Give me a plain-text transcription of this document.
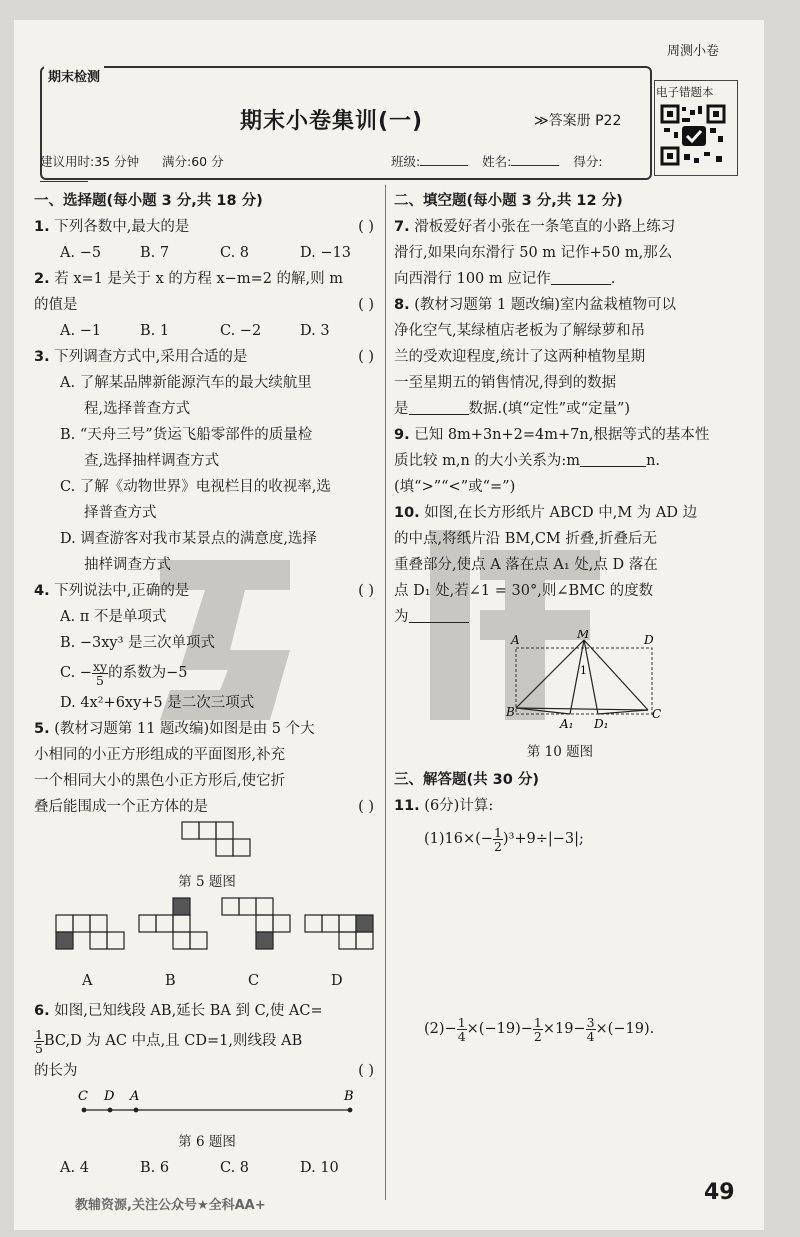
周测小卷
期末检测
期末小卷集训(一)	≫答案册 P22
建议用时:35 分钟 满分:60 分	班级:	姓名:	得分:
电子错题本
一、选择题(每小题 3 分,共 18 分)
1. 下列各数中,最大的是	( )
A. −5	B. 7	C. 8	D. −13
2. 若 x=1 是关于 x 的方程 x−m=2 的解,则 m
的值是	( )
A. −1	B. 1	C. −2	D. 3
3. 下列调查方式中,采用合适的是	( )
A. 了解某品牌新能源汽车的最大续航里
程,选择普查方式
B. “天舟三号”货运飞船零部件的质量检
查,选择抽样调查方式
C. 了解《动物世界》电视栏目的收视率,选
择普查方式
D. 调查游客对我市某景点的满意度,选择
抽样调查方式
4. 下列说法中,正确的是	( )
A. π 不是单项式
B. −3xy³ 是三次单项式
C. − $\frac{xy}{5}$ 的系数为−5
D. 4x²+6xy+5 是二次三项式
5. (教材习题第 11 题改编)如图是由 5 个大
小相同的小正方形组成的平面图形,补充
一个相同大小的黑色小正方形后,使它折
叠后能围成一个正方体的是	( )
第 5 题图
A	B	C	D
6. 如图,已知线段 AB,延长 BA 到 C,使 AC=
$\frac{1}{5} BC,D$ 为 AC 中点,且 CD=1,则线段 AB
的长为	( )
C D A	B
第 6 题图
A. 4	B. 6	C. 8	D. 10
二、填空题(每小题 3 分,共 12 分)
7. 滑板爱好者小张在一条笔直的小路上练习
滑行,如果向东滑行 50 m 记作+50 m,那么
向西滑行 100 m 应记作	.
8. (教材习题第 1 题改编)室内盆栽植物可以
净化空气,某绿植店老板为了解绿萝和吊
兰的受欢迎程度,统计了这两种植物星期
一至星期五的销售情况,得到的数据
是	数据.(填“定性”或“定量”)
9. 已知 8m+3n+2=4m+7n,根据等式的基本性
质比较 m,n 的大小关系为:m	n.
(填“>”“<”或“=”)
10. 如图,在长方形纸片 ABCD 中,M 为 AD 边
的中点,将纸片沿 BM,CM 折叠,折叠后无
重叠部分,使点 A 落在点 A₁ 处,点 D 落在
点 D₁ 处,若∠1 = 30°,则∠BMC 的度数
为
A	M	D
B
A₁ D₁
C
1
第 10 题图
三、解答题(共 30 分)
11. (6分)计算:
$(1)16\times(- \frac{1}{2} )^3+9\div|-3|$;
$(2)- \frac{1}{4} \times(-19)- \frac{1}{2} \times 19- \frac{3}{4} \times(-19)$.
教辅资源,关注公众号★全科AA+
49
